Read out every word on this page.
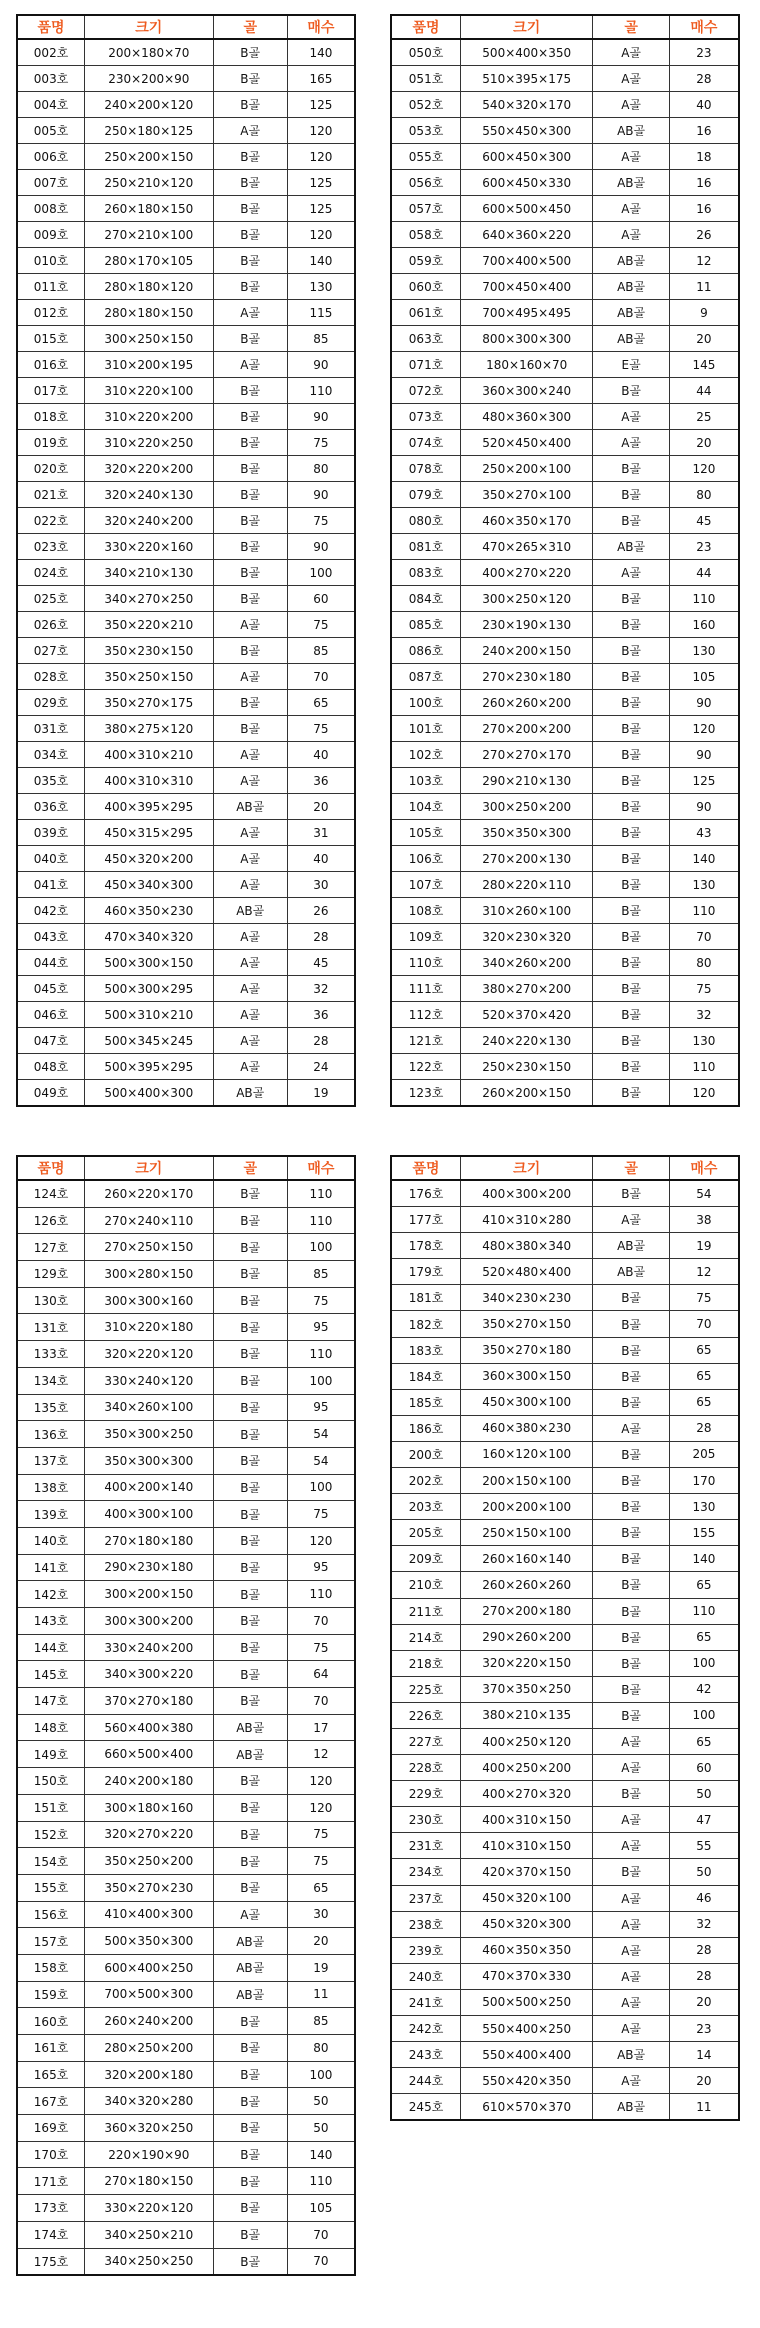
품명	크기	골	매수
002호	200×180×70	B골	140
003호	230×200×90	B골	165
004호	240×200×120	B골	125
005호	250×180×125	A골	120
006호	250×200×150	B골	120
007호	250×210×120	B골	125
008호	260×180×150	B골	125
009호	270×210×100	B골	120
010호	280×170×105	B골	140
011호	280×180×120	B골	130
012호	280×180×150	A골	115
015호	300×250×150	B골	85
016호	310×200×195	A골	90
017호	310×220×100	B골	110
018호	310×220×200	B골	90
019호	310×220×250	B골	75
020호	320×220×200	B골	80
021호	320×240×130	B골	90
022호	320×240×200	B골	75
023호	330×220×160	B골	90
024호	340×210×130	B골	100
025호	340×270×250	B골	60
026호	350×220×210	A골	75
027호	350×230×150	B골	85
028호	350×250×150	A골	70
029호	350×270×175	B골	65
031호	380×275×120	B골	75
034호	400×310×210	A골	40
035호	400×310×310	A골	36
036호	400×395×295	AB골	20
039호	450×315×295	A골	31
040호	450×320×200	A골	40
041호	450×340×300	A골	30
042호	460×350×230	AB골	26
043호	470×340×320	A골	28
044호	500×300×150	A골	45
045호	500×300×295	A골	32
046호	500×310×210	A골	36
047호	500×345×245	A골	28
048호	500×395×295	A골	24
049호	500×400×300	AB골	19
품명	크기	골	매수
050호	500×400×350	A골	23
051호	510×395×175	A골	28
052호	540×320×170	A골	40
053호	550×450×300	AB골	16
055호	600×450×300	A골	18
056호	600×450×330	AB골	16
057호	600×500×450	A골	16
058호	640×360×220	A골	26
059호	700×400×500	AB골	12
060호	700×450×400	AB골	11
061호	700×495×495	AB골	9
063호	800×300×300	AB골	20
071호	180×160×70	E골	145
072호	360×300×240	B골	44
073호	480×360×300	A골	25
074호	520×450×400	A골	20
078호	250×200×100	B골	120
079호	350×270×100	B골	80
080호	460×350×170	B골	45
081호	470×265×310	AB골	23
083호	400×270×220	A골	44
084호	300×250×120	B골	110
085호	230×190×130	B골	160
086호	240×200×150	B골	130
087호	270×230×180	B골	105
100호	260×260×200	B골	90
101호	270×200×200	B골	120
102호	270×270×170	B골	90
103호	290×210×130	B골	125
104호	300×250×200	B골	90
105호	350×350×300	B골	43
106호	270×200×130	B골	140
107호	280×220×110	B골	130
108호	310×260×100	B골	110
109호	320×230×320	B골	70
110호	340×260×200	B골	80
111호	380×270×200	B골	75
112호	520×370×420	B골	32
121호	240×220×130	B골	130
122호	250×230×150	B골	110
123호	260×200×150	B골	120
품명	크기	골	매수
124호	260×220×170	B골	110
126호	270×240×110	B골	110
127호	270×250×150	B골	100
129호	300×280×150	B골	85
130호	300×300×160	B골	75
131호	310×220×180	B골	95
133호	320×220×120	B골	110
134호	330×240×120	B골	100
135호	340×260×100	B골	95
136호	350×300×250	B골	54
137호	350×300×300	B골	54
138호	400×200×140	B골	100
139호	400×300×100	B골	75
140호	270×180×180	B골	120
141호	290×230×180	B골	95
142호	300×200×150	B골	110
143호	300×300×200	B골	70
144호	330×240×200	B골	75
145호	340×300×220	B골	64
147호	370×270×180	B골	70
148호	560×400×380	AB골	17
149호	660×500×400	AB골	12
150호	240×200×180	B골	120
151호	300×180×160	B골	120
152호	320×270×220	B골	75
154호	350×250×200	B골	75
155호	350×270×230	B골	65
156호	410×400×300	A골	30
157호	500×350×300	AB골	20
158호	600×400×250	AB골	19
159호	700×500×300	AB골	11
160호	260×240×200	B골	85
161호	280×250×200	B골	80
165호	320×200×180	B골	100
167호	340×320×280	B골	50
169호	360×320×250	B골	50
170호	220×190×90	B골	140
171호	270×180×150	B골	110
173호	330×220×120	B골	105
174호	340×250×210	B골	70
175호	340×250×250	B골	70
품명	크기	골	매수
176호	400×300×200	B골	54
177호	410×310×280	A골	38
178호	480×380×340	AB골	19
179호	520×480×400	AB골	12
181호	340×230×230	B골	75
182호	350×270×150	B골	70
183호	350×270×180	B골	65
184호	360×300×150	B골	65
185호	450×300×100	B골	65
186호	460×380×230	A골	28
200호	160×120×100	B골	205
202호	200×150×100	B골	170
203호	200×200×100	B골	130
205호	250×150×100	B골	155
209호	260×160×140	B골	140
210호	260×260×260	B골	65
211호	270×200×180	B골	110
214호	290×260×200	B골	65
218호	320×220×150	B골	100
225호	370×350×250	B골	42
226호	380×210×135	B골	100
227호	400×250×120	A골	65
228호	400×250×200	A골	60
229호	400×270×320	B골	50
230호	400×310×150	A골	47
231호	410×310×150	A골	55
234호	420×370×150	B골	50
237호	450×320×100	A골	46
238호	450×320×300	A골	32
239호	460×350×350	A골	28
240호	470×370×330	A골	28
241호	500×500×250	A골	20
242호	550×400×250	A골	23
243호	550×400×400	AB골	14
244호	550×420×350	A골	20
245호	610×570×370	AB골	11
